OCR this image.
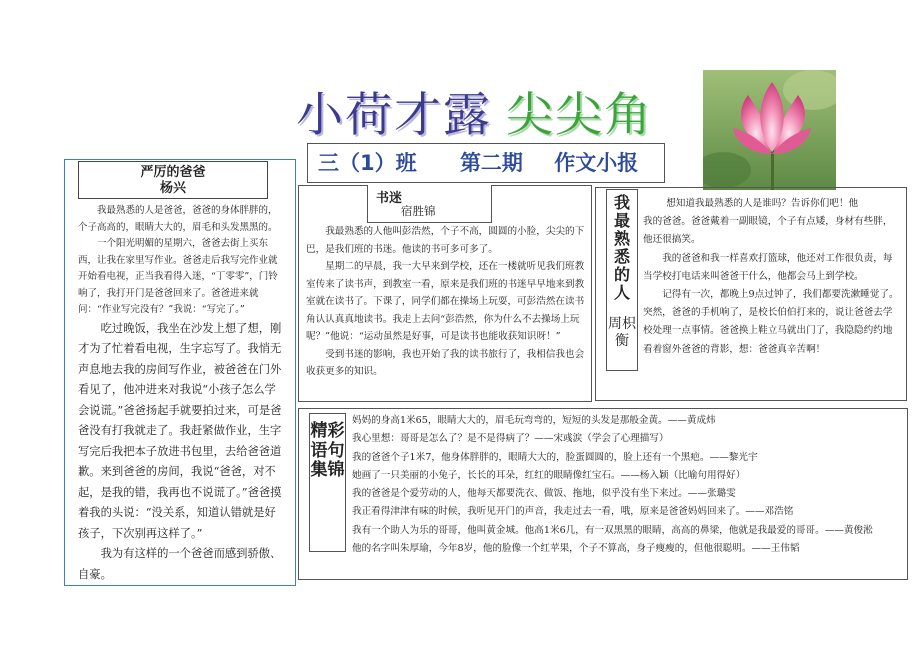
小荷才露 尖尖角
三（1）班 第二期 作文小报
严厉的爸爸
杨兴

我最熟悉的人是爸爸，爸爸的身体胖胖的，个子高高的，眼睛大大的，眉毛和头发黑黑的。

一个阳光明媚的星期六，爸爸去街上买东西，让我在家里写作业。爸爸走后我写完作业就开始看电视，正当我看得入迷，“丁零零”，门铃响了，我打开门是爸爸回来了。爸爸进来就问：“作业写完没有？”我说：“写完了。”

吃过晚饭，我坐在沙发上想了想，刚才为了忙着看电视，生字忘写了。我悄无声息地去我的房间写作业，被爸爸在门外看见了，他冲进来对我说“小孩子怎么学会说谎。”爸爸扬起手就要拍过来，可是爸爸没有打我就走了。我赶紧做作业，生字写完后我把本子放进书包里，去给爸爸道歉。来到爸爸的房间，我说“爸爸，对不起，是我的错，我再也不说谎了。”爸爸摸着我的头说：“没关系，知道认错就是好孩子，下次别再这样了。”

我为有这样的一个爸爸而感到骄傲、自豪。

书迷
宿胜锦

我最熟悉的人他叫彭浩然，个子不高，圆圆的小脸，尖尖的下巴，是我们班的书迷。他读的书可多可多了。

星期二的早晨，我一大早来到学校，还在一楼就听见我们班教室传来了读书声，到教室一看，原来是我们班的书迷早早地来到教室就在读书了。下课了，同学们都在操场上玩耍，可彭浩然在读书角认认真真地读书。我走上去问“彭浩然，你为什么不去操场上玩呢？”他说：“运动虽然是好事，可是读书也能收获知识呀！”

受到书迷的影响，我也开始了我的读书旅行了，我相信我也会收获更多的知识。

我最熟悉的人
周枳衡

想知道我最熟悉的人是谁吗？告诉你们吧！他

我的爸爸。爸爸戴着一副眼镜，个子有点矮，身材有些胖，他还很搞笑。

我的爸爸和我一样喜欢打篮球，他还对工作很负责，每当学校打电话来叫爸爸干什么，他都会马上到学校。

记得有一次，都晚上9点过钟了，我们都要洗漱睡觉了。突然，爸爸的手机响了，是校长伯伯打来的，说让爸爸去学校处理一点事情。爸爸换上鞋立马就出门了，我隐隐约约地看着窗外爸爸的背影，想：爸爸真辛苦啊！

精彩语句集锦

妈妈的身高1米65，眼睛大大的，眉毛玩弯弯的，短短的头发是那般金黄。——黄成炜

我心里想：哥哥是怎么了？是不是得病了？——宋彧涙（学会了心理描写）

我的爸爸个子1米7，他身体胖胖的，眼睛大大的，脸蛋圆圆的，脸上还有一个黑疤。——黎光宇

她画了一只美丽的小兔子，长长的耳朵，红红的眼睛像红宝石。——杨入颖（比喻句用得好）

我的爸爸是个爱劳动的人，他每天都要洗衣、做饭、拖地，似乎没有坐下来过。——张璐雯

我正看得津津有味的时候，我听见开门的声音，我走过去一看，哦，原来是爸爸妈妈回来了。——邓浩铭

我有一个助人为乐的哥哥，他叫黄金城。他高1米6几，有一双黑黑的眼睛，高高的鼻梁，他就是我最爱的哥哥。——黄俊淞

他的名字叫朱厚瑜，今年8岁，他的脸像一个红苹果，个子不算高，身子瘦瘦的，但他很聪明。——王伟韬
